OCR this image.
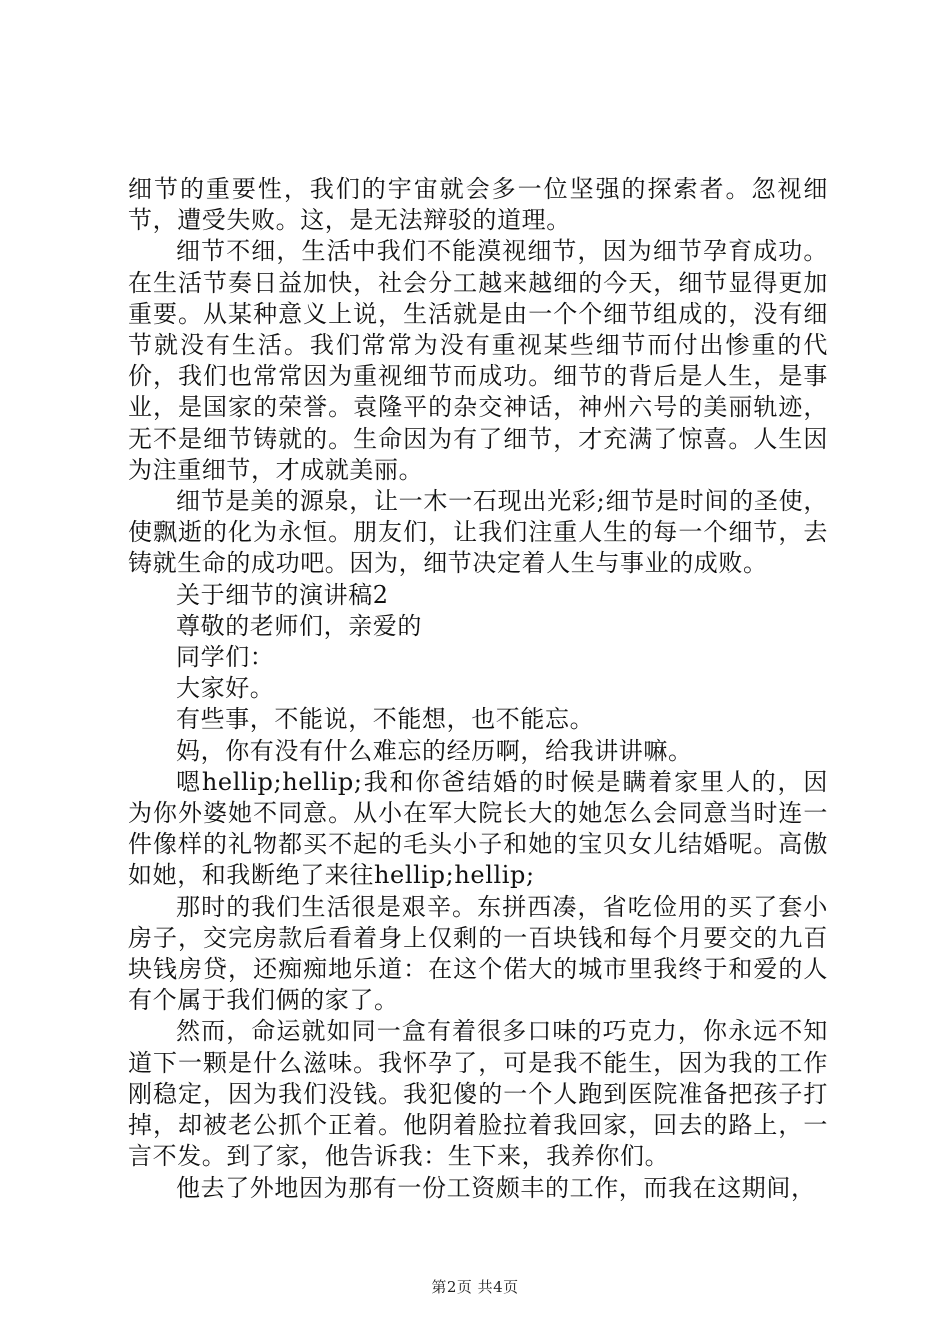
细节的重要性，我们的宇宙就会多一位坚强的探索者。忽视细节，遭受失败。这，是无法辩驳的道理。

细节不细，生活中我们不能漠视细节，因为细节孕育成功。在生活节奏日益加快，社会分工越来越细的今天，细节显得更加重要。从某种意义上说，生活就是由一个个细节组成的，没有细节就没有生活。我们常常为没有重视某些细节而付出惨重的代价，我们也常常因为重视细节而成功。细节的背后是人生，是事业，是国家的荣誉。袁隆平的杂交神话，神州六号的美丽轨迹，无不是细节铸就的。生命因为有了细节，才充满了惊喜。人生因为注重细节，才成就美丽。

细节是美的源泉，让一木一石现出光彩;细节是时间的圣使，使飘逝的化为永恒。朋友们，让我们注重人生的每一个细节，去铸就生命的成功吧。因为，细节决定着人生与事业的成败。

关于细节的演讲稿2

尊敬的老师们，亲爱的

同学们：

大家好。

有些事，不能说，不能想，也不能忘。

妈，你有没有什么难忘的经历啊，给我讲讲嘛。

嗯hellip;hellip;我和你爸结婚的时候是瞒着家里人的，因为你外婆她不同意。从小在军大院长大的她怎么会同意当时连一件像样的礼物都买不起的毛头小子和她的宝贝女儿结婚呢。高傲如她，和我断绝了来往hellip;hellip;

那时的我们生活很是艰辛。东拼西凑，省吃俭用的买了套小房子，交完房款后看着身上仅剩的一百块钱和每个月要交的九百块钱房贷，还痴痴地乐道：在这个偌大的城市里我终于和爱的人有个属于我们俩的家了。

然而，命运就如同一盒有着很多口味的巧克力，你永远不知道下一颗是什么滋味。我怀孕了，可是我不能生，因为我的工作刚稳定，因为我们没钱。我犯傻的一个人跑到医院准备把孩子打掉，却被老公抓个正着。他阴着脸拉着我回家，回去的路上，一言不发。到了家，他告诉我：生下来，我养你们。

他去了外地因为那有一份工资颇丰的工作，而我在这期间，

第2页 共4页
